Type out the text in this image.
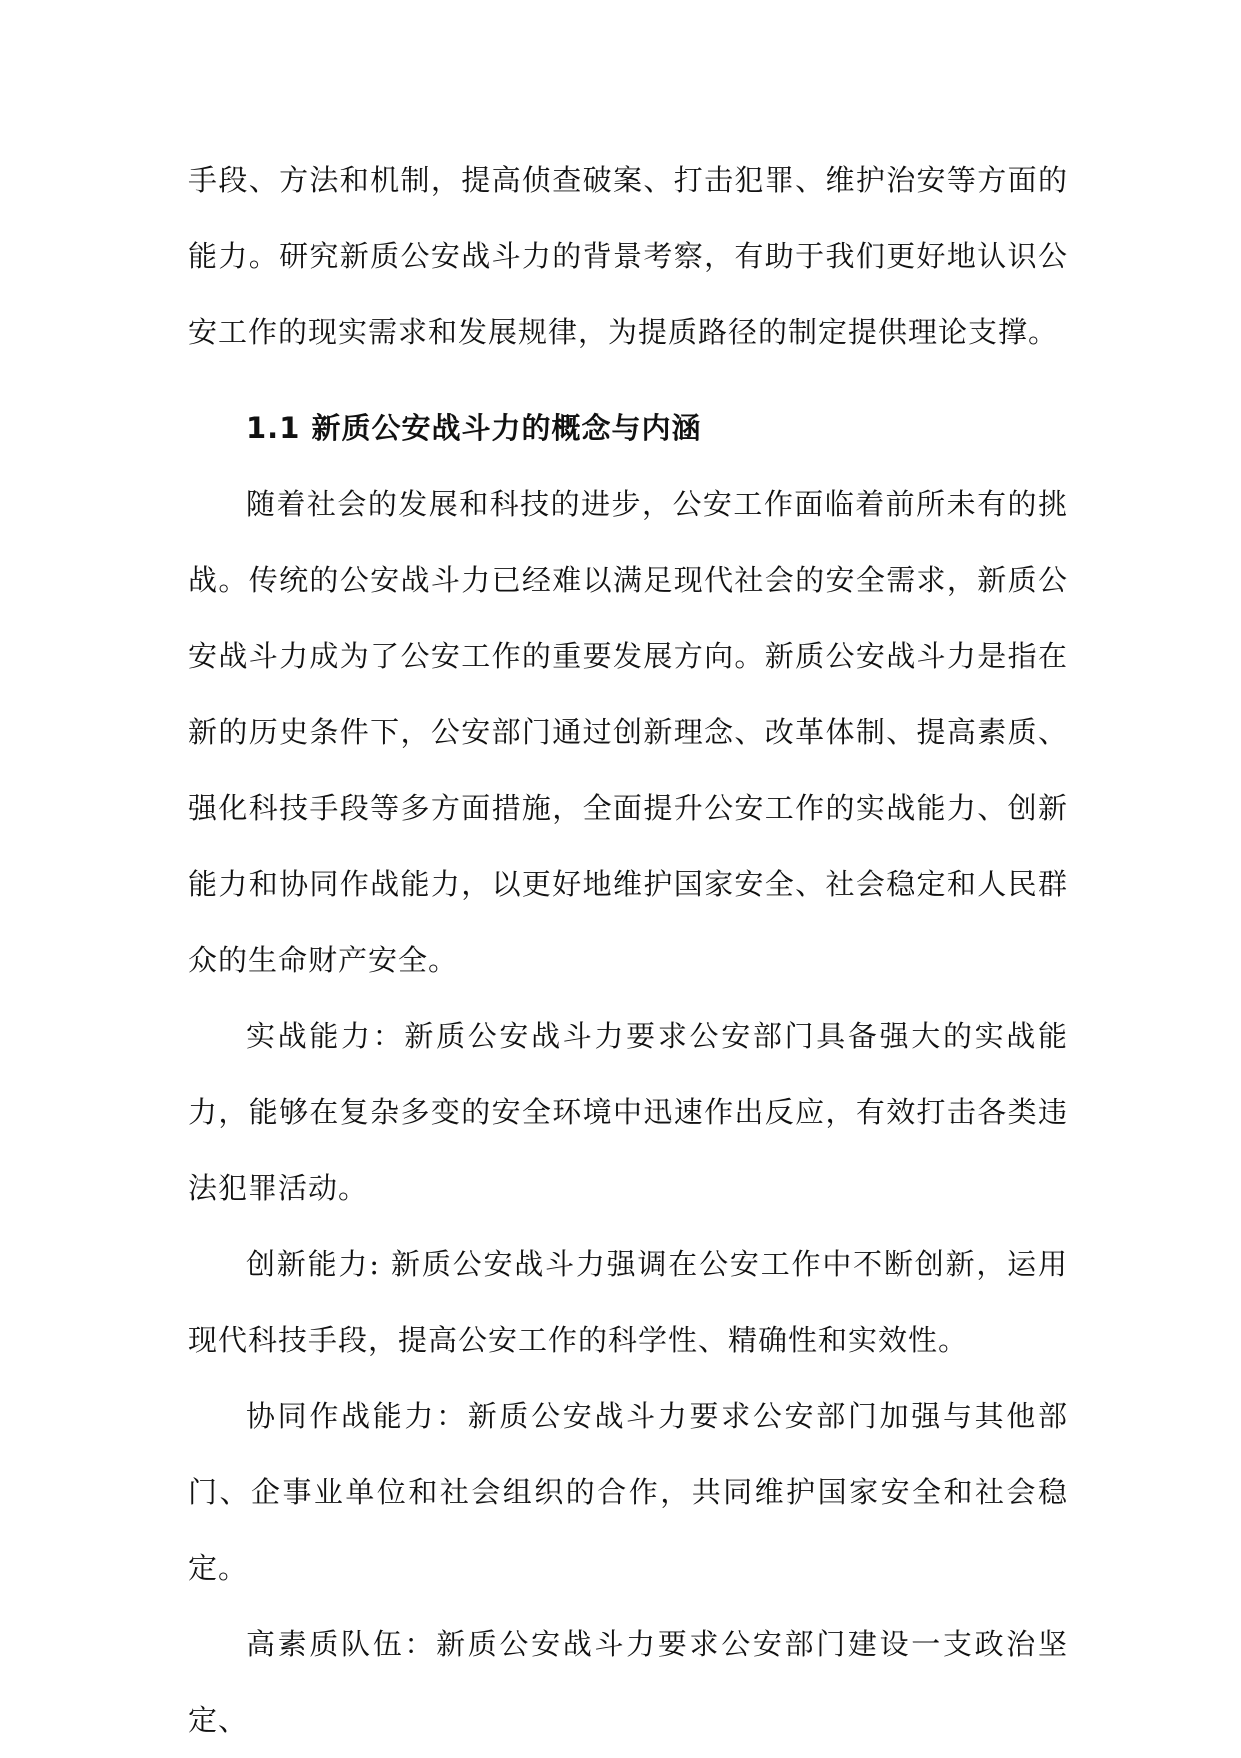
手段、方法和机制，提高侦查破案、打击犯罪、维护治安等方面的能力。研究新质公安战斗力的背景考察，有助于我们更好地认识公安工作的现实需求和发展规律，为提质路径的制定提供理论支撑。

1.1 新质公安战斗力的概念与内涵

随着社会的发展和科技的进步，公安工作面临着前所未有的挑战。传统的公安战斗力已经难以满足现代社会的安全需求，新质公安战斗力成为了公安工作的重要发展方向。新质公安战斗力是指在新的历史条件下，公安部门通过创新理念、改革体制、提高素质、强化科技手段等多方面措施，全面提升公安工作的实战能力、创新能力和协同作战能力，以更好地维护国家安全、社会稳定和人民群众的生命财产安全。

实战能力：新质公安战斗力要求公安部门具备强大的实战能力，能够在复杂多变的安全环境中迅速作出反应，有效打击各类违法犯罪活动。

创新能力: 新质公安战斗力强调在公安工作中不断创新，运用现代科技手段，提高公安工作的科学性、精确性和实效性。

协同作战能力：新质公安战斗力要求公安部门加强与其他部门、企事业单位和社会组织的合作，共同维护国家安全和社会稳定。

高素质队伍：新质公安战斗力要求公安部门建设一支政治坚定、
